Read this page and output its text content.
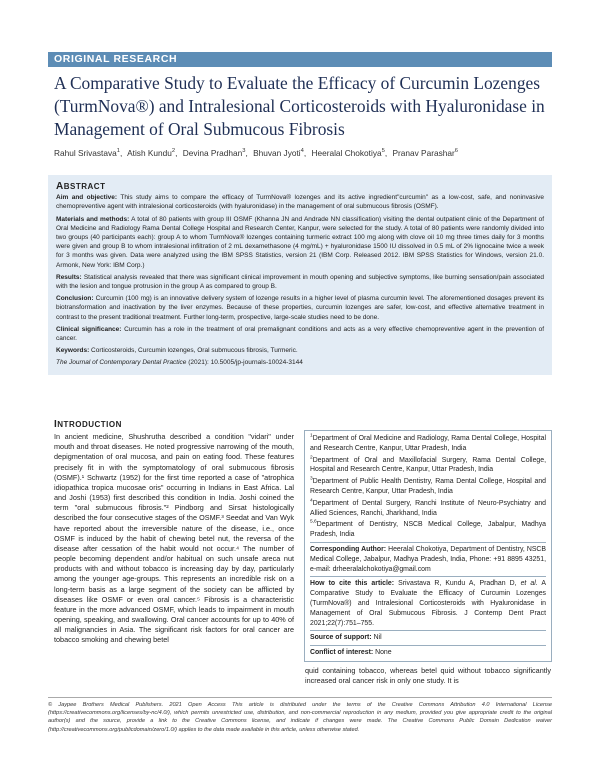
ORIGINAL RESEARCH
A Comparative Study to Evaluate the Efficacy of Curcumin Lozenges (TurmNova®) and Intralesional Corticosteroids with Hyaluronidase in Management of Oral Submucous Fibrosis
Rahul Srivastava$^1$, Atish Kundu$^2$, Devina Pradhan$^3$, Bhuvan Jyoti$^4$, Heeralal Chokotiya$^5$, Pranav Parashar$^6$
ABSTRACT

Aim and objective: This study aims to compare the efficacy of TurmNova® lozenges and its active ingredient"curcumin" as a low-cost, safe, and noninvasive chemopreventive agent with intralesional corticosteroids (with hyaluronidase) in the management of oral submucous fibrosis (OSMF).

Materials and methods: A total of 80 patients with group III OSMF (Khanna JN and Andrade NN classification) visiting the dental outpatient clinic of the Department of Oral Medicine and Radiology Rama Dental College Hospital and Research Center, Kanpur, were selected for the study. A total of 80 patients were randomly divided into two groups (40 participants each): group A to whom TurmNova® lozenges containing turmeric extract 100 mg along with clove oil 10 mg three times daily for 3 months were given and group B to whom intralesional infiltration of 2 mL dexamethasone (4 mg/mL) + hyaluronidase 1500 IU dissolved in 0.5 mL of 2% lignocaine twice a week for 3 months was given. Data were analyzed using the IBM SPSS Statistics, version 21 (IBM Corp. Released 2012. IBM SPSS Statistics for Windows, version 21.0. Armonk, New York: IBM Corp.)

Results: Statistical analysis revealed that there was significant clinical improvement in mouth opening and subjective symptoms, like burning sensation/pain associated with the lesion and tongue protrusion in the group A as compared to group B.

Conclusion: Curcumin (100 mg) is an innovative delivery system of lozenge results in a higher level of plasma curcumin level. The aforementioned dosages prevent its biotransformation and inactivation by the liver enzymes. Because of these properties, curcumin lozenges are safer, low-cost, and effective alternative treatment in contrast to the present traditional treatment. Further long-term, prospective, large-scale studies need to be done.

Clinical significance: Curcumin has a role in the treatment of oral premalignant conditions and acts as a very effective chemopreventive agent in the prevention of cancer.

Keywords: Corticosteroids, Curcumin lozenges, Oral submucous fibrosis, Turmeric.

The Journal of Contemporary Dental Practice (2021): 10.5005/jp-journals-10024-3144

INTRODUCTION

In ancient medicine, Shushrutha described a condition "vidari" under mouth and throat diseases. He noted progressive narrowing of the mouth, depigmentation of oral mucosa, and pain on eating food. These features precisely fit in with the symptomatology of oral submucous fibrosis (OSMF).¹ Schwartz (1952) for the first time reported a case of "atrophica idiopathica tropica mucosae oris" occurring in Indians in East Africa. Lal and Joshi (1953) first described this condition in India. Joshi coined the term "oral submucous fibrosis."² Pindborg and Sirsat histologically described the four consecutive stages of the OSMF.³ Seedat and Van Wyk have reported about the irreversible nature of the disease, i.e., once OSMF is induced by the habit of chewing betel nut, the reversa of the disease after cessation of the habit would not occur.⁴ The number of people becoming dependent and/or habitual on such unsafe areca nut products with and without tobacco is increasing day by day, particularly among the younger age-groups. This represents an incredible risk on a long-term basis as a large segment of the society can be afflicted by diseases like OSMF or even oral cancer.⁵ Fibrosis is a characteristic feature in the more advanced OSMF, which leads to impairment in mouth opening, speaking, and swallowing. Oral cancer accounts for up to 40% of all malignancies in Asia. The significant risk factors for oral cancer are tobacco smoking and chewing betel

$^1$Department of Oral Medicine and Radiology, Rama Dental College, Hospital and Research Centre, Kanpur, Uttar Pradesh, India

$^2$Department of Oral and Maxillofacial Surgery, Rama Dental College, Hospital and Research Centre, Kanpur, Uttar Pradesh, India

$^3$Department of Public Health Dentistry, Rama Dental College, Hospital and Research Centre, Kanpur, Uttar Pradesh, India

$^4$Department of Dental Surgery, Ranchi Institute of Neuro-Psychiatry and Allied Sciences, Ranchi, Jharkhand, India

$^{5,6}$Department of Dentistry, NSCB Medical College, Jabalpur, Madhya Pradesh, India

Corresponding Author: Heeralal Chokotiya, Department of Dentistry, NSCB Medical College, Jabalpur, Madhya Pradesh, India, Phone: +91 8895 43251, e-mail: drheeralalchokotiya@gmail.com

How to cite this article: Srivastava R, Kundu A, Pradhan D, et al. A Comparative Study to Evaluate the Efficacy of Curcumin Lozenges (TurmNova®) and Intralesional Corticosteroids with Hyaluronidase in Management of Oral Submucous Fibrosis. J Contemp Dent Pract 2021;22(7):751–755.

Source of support: Nil

Conflict of interest: None

quid containing tobacco, whereas betel quid without tobacco significantly increased oral cancer risk in only one study. It is
© Jaypee Brothers Medical Publishers. 2021 Open Access This article is distributed under the terms of the Creative Commons Attribution 4.0 International License (https://creativecommons.org/licenses/by-nc/4.0/), which permits unrestricted use, distribution, and non-commercial reproduction in any medium, provided you give appropriate credit to the original author(s) and the source, provide a link to the Creative Commons license, and indicate if changes were made. The Creative Commons Public Domain Dedication waiver (http://creativecommons.org/publicdomain/zero/1.0/) applies to the data made available in this article, unless otherwise stated.
